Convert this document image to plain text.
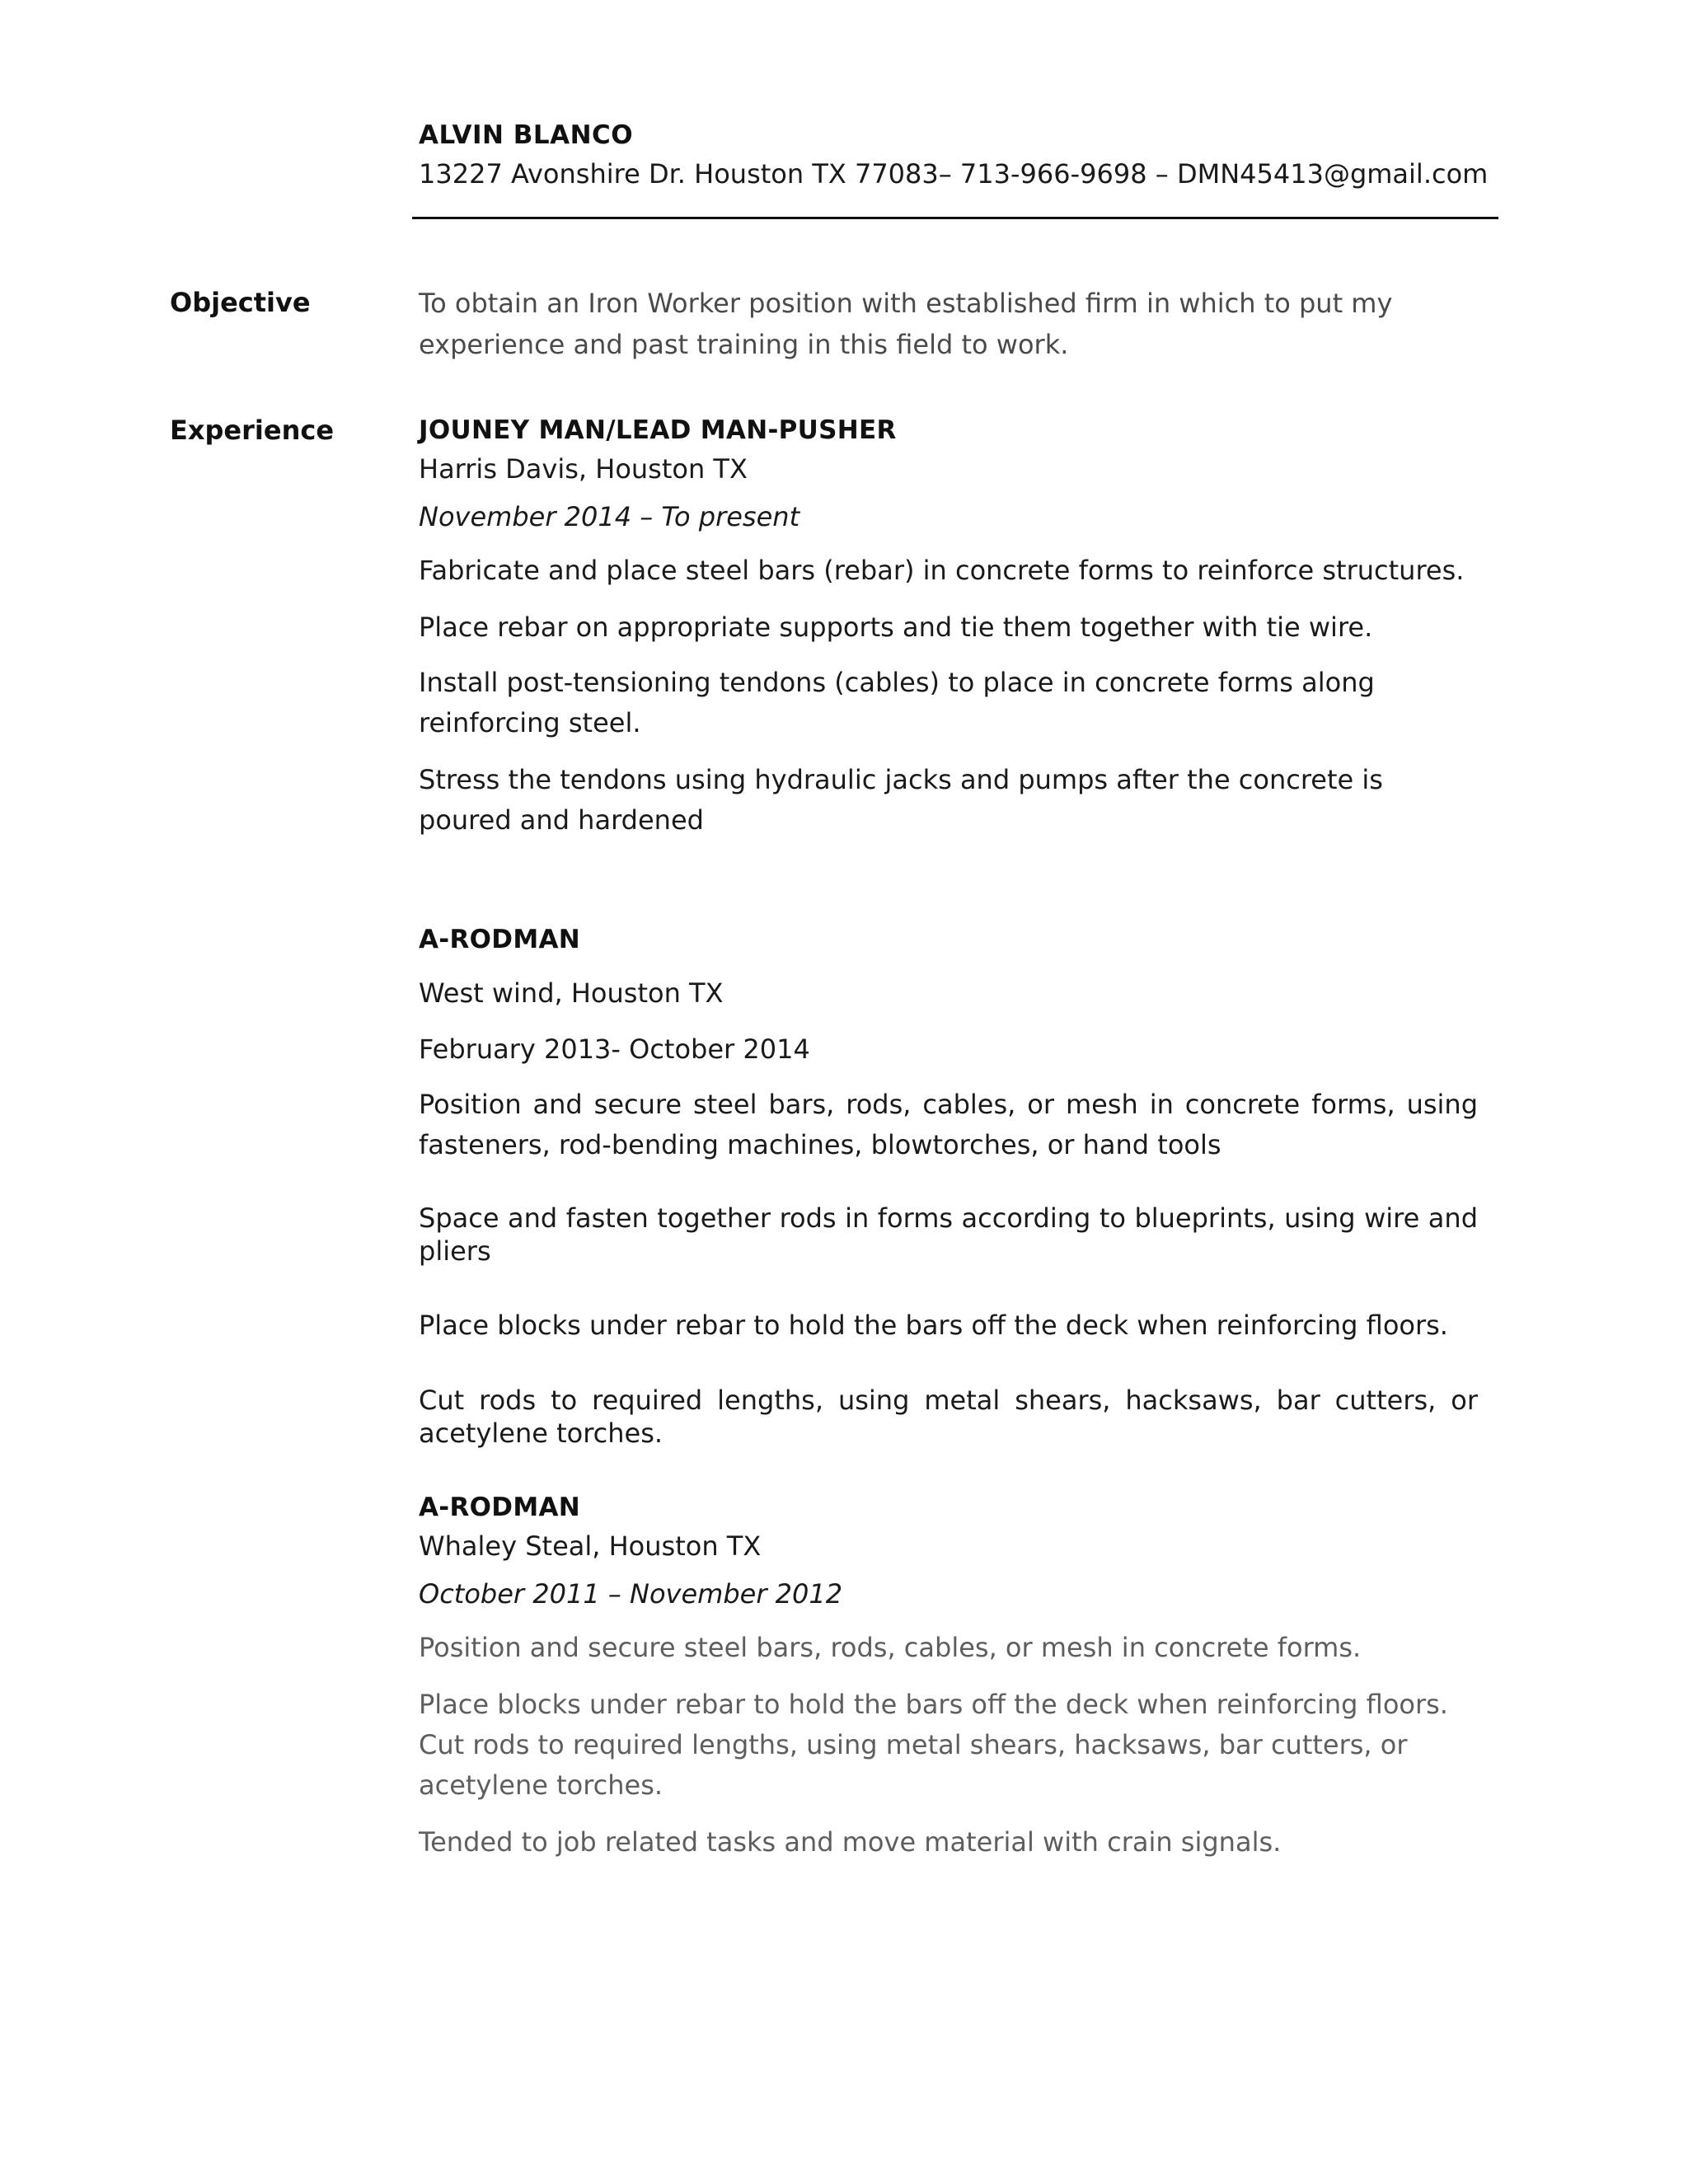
ALVIN BLANCO
13227 Avonshire Dr. Houston TX 77083– 713-966-9698 – DMN45413@gmail.com
Objective	To obtain an Iron Worker position with established firm in which to put my

experience and past training in this field to work.

Experience	JOUNEY MAN/LEAD MAN-PUSHER

Harris Davis, Houston TX

November 2014 – To present

Fabricate and place steel bars (rebar) in concrete forms to reinforce structures.

Place rebar on appropriate supports and tie them together with tie wire.

Install post-tensioning tendons (cables) to place in concrete forms along reinforcing steel.

Stress the tendons using hydraulic jacks and pumps after the concrete is poured and hardened

A-RODMAN

West wind, Houston TX

February 2013- October 2014

Position and secure steel bars, rods, cables, or mesh in concrete forms, using fasteners, rod-bending machines, blowtorches, or hand tools

Space and fasten together rods in forms according to blueprints, using wire and pliers

Place blocks under rebar to hold the bars off the deck when reinforcing floors.

Cut rods to required lengths, using metal shears, hacksaws, bar cutters, or acetylene torches.

A-RODMAN

Whaley Steal, Houston TX

October 2011 – November 2012

Position and secure steel bars, rods, cables, or mesh in concrete forms.

Place blocks under rebar to hold the bars off the deck when reinforcing floors.

Cut rods to required lengths, using metal shears, hacksaws, bar cutters, or

acetylene torches.

Tended to job related tasks and move material with crain signals.
